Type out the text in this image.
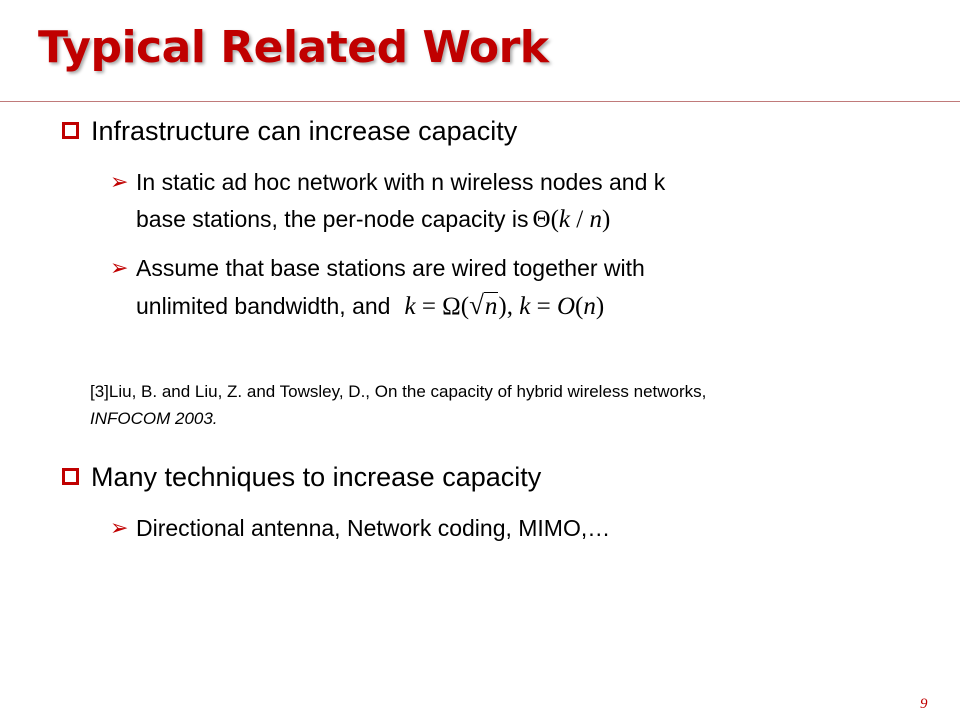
Typical Related Work
Infrastructure can increase capacity
➢ In static ad hoc network with n wireless nodes and k
base stations, the per-node capacity is Θ(k / n)
➢ Assume that base stations are wired together with
unlimited bandwidth, and k = Ω(√n), k = O(n)
[3]Liu, B. and Liu, Z. and Towsley, D., On the capacity of hybrid wireless networks,
INFOCOM 2003.
Many techniques to increase capacity
➢ Directional antenna, Network coding, MIMO,…
9
